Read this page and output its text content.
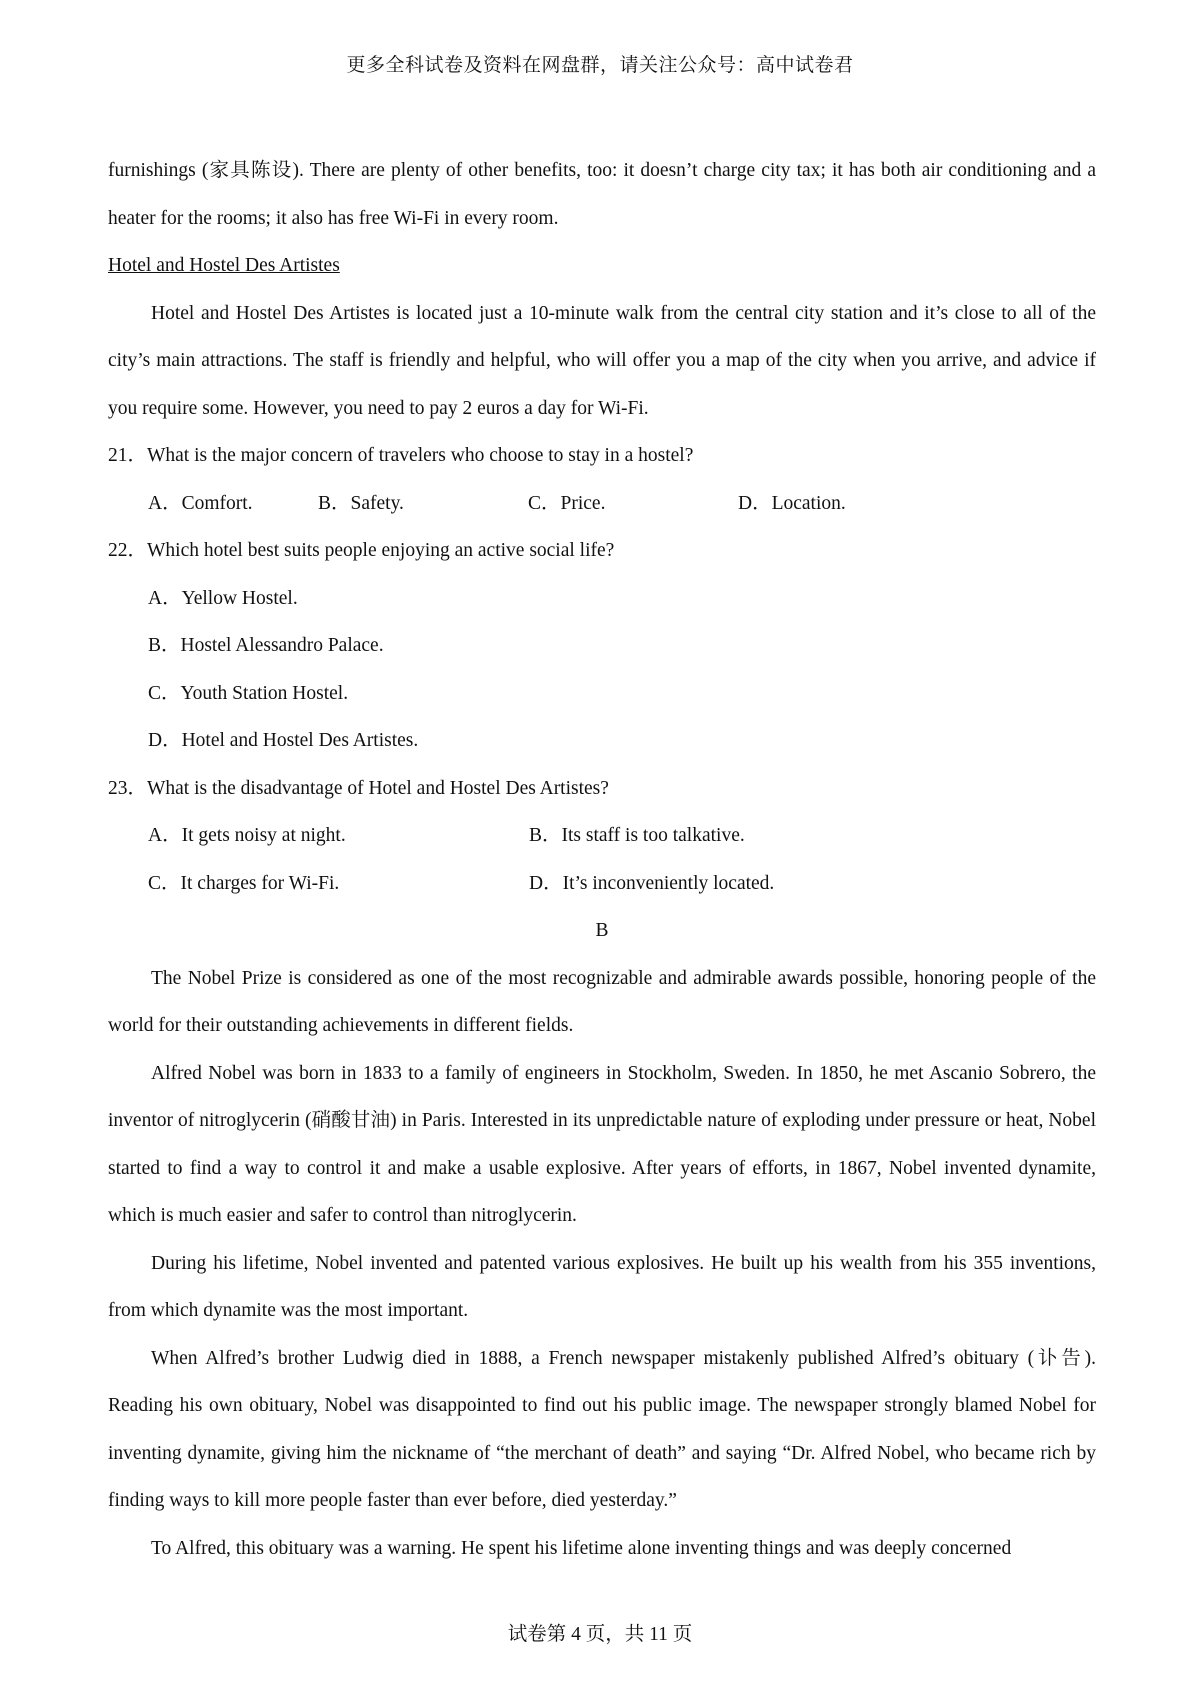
更多全科试卷及资料在网盘群，请关注公众号：高中试卷君

furnishings (家具陈设). There are plenty of other benefits, too: it doesn’t charge city tax; it has both air conditioning and a heater for the rooms; it also has free Wi-Fi in every room.

Hotel and Hostel Des Artistes

Hotel and Hostel Des Artistes is located just a 10-minute walk from the central city station and it’s close to all of the city’s main attractions. The staff is friendly and helpful, who will offer you a map of the city when you arrive, and advice if you require some. However, you need to pay 2 euros a day for Wi-Fi.

21．What is the major concern of travelers who choose to stay in a hostel?
A．Comfort.	B．Safety.	C．Price.	D．Location.
22．Which hotel best suits people enjoying an active social life?
A．Yellow Hostel.
B．Hostel Alessandro Palace.
C．Youth Station Hostel.
D．Hotel and Hostel Des Artistes.
23．What is the disadvantage of Hotel and Hostel Des Artistes?
A．It gets noisy at night.	B．Its staff is too talkative.
C．It charges for Wi-Fi.	D．It’s inconveniently located.

B

The Nobel Prize is considered as one of the most recognizable and admirable awards possible, honoring people of the world for their outstanding achievements in different fields.

Alfred Nobel was born in 1833 to a family of engineers in Stockholm, Sweden. In 1850, he met Ascanio Sobrero, the inventor of nitroglycerin (硝酸甘油) in Paris. Interested in its unpredictable nature of exploding under pressure or heat, Nobel started to find a way to control it and make a usable explosive. After years of efforts, in 1867, Nobel invented dynamite, which is much easier and safer to control than nitroglycerin.

During his lifetime, Nobel invented and patented various explosives. He built up his wealth from his 355 inventions, from which dynamite was the most important.

When Alfred’s brother Ludwig died in 1888, a French newspaper mistakenly published Alfred’s obituary (讣告). Reading his own obituary, Nobel was disappointed to find out his public image. The newspaper strongly blamed Nobel for inventing dynamite, giving him the nickname of “the merchant of death” and saying “Dr. Alfred Nobel, who became rich by finding ways to kill more people faster than ever before, died yesterday.”

To Alfred, this obituary was a warning. He spent his lifetime alone inventing things and was deeply concerned

试卷第 4 页，共 11 页
